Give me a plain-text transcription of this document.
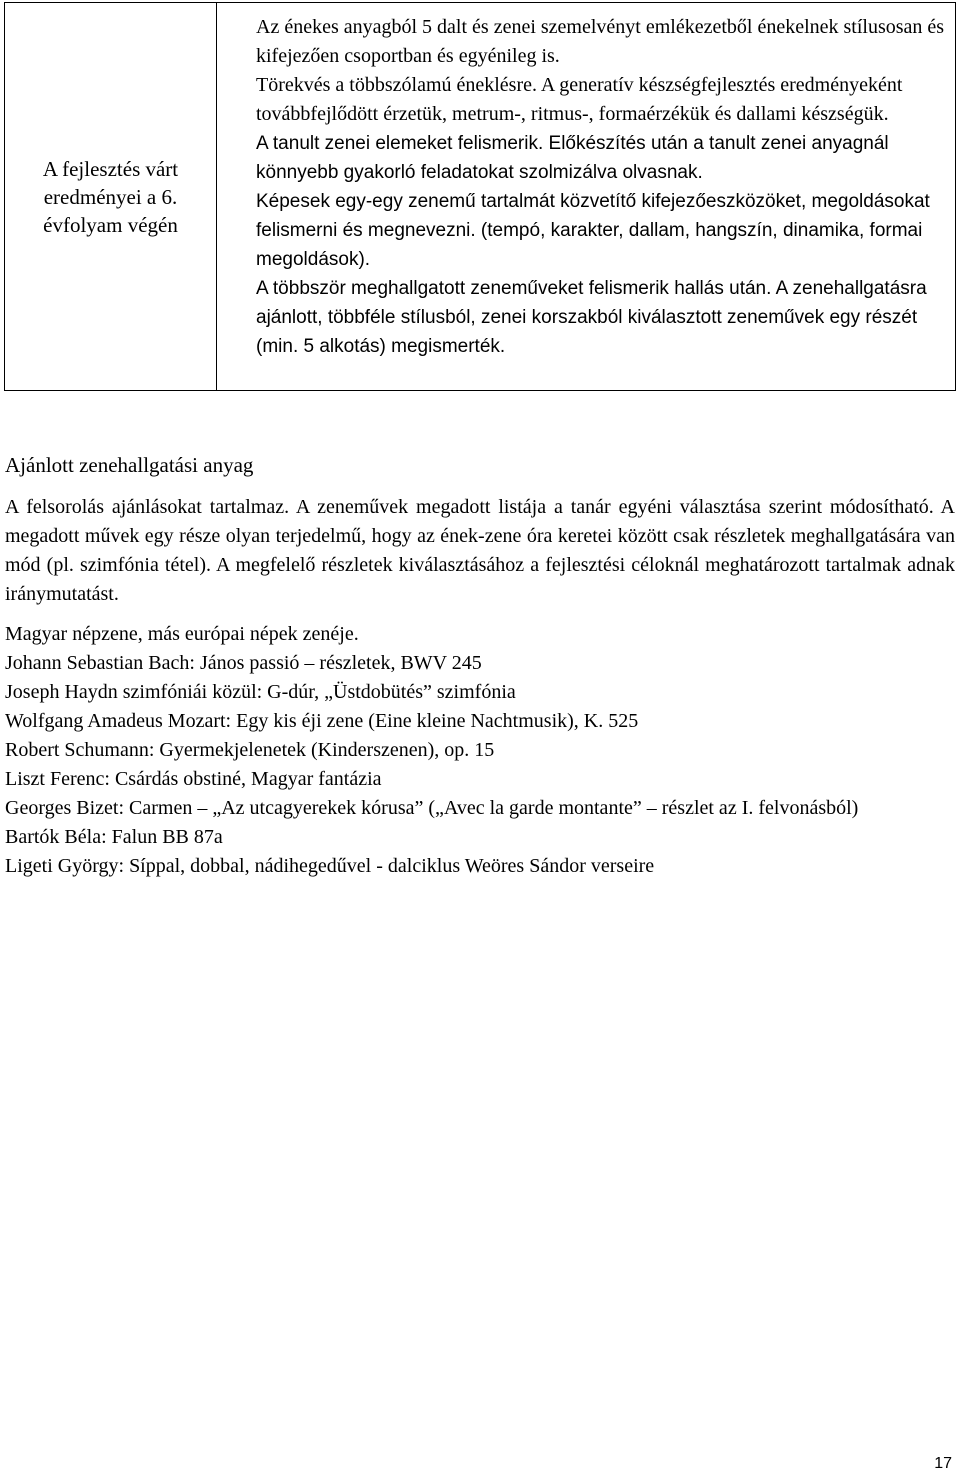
A fejlesztés várt eredményei a 6. évfolyam végén	

Az énekes anyagból 5 dalt és zenei szemelvényt emlékezetből énekelnek stílusosan és kifejezően csoportban és egyénileg is.

Törekvés a többszólamú éneklésre. A generatív készségfejlesztés eredményeként továbbfejlődött érzetük, metrum-, ritmus-, formaérzékük és dallami készségük.

A tanult zenei elemeket felismerik. Előkészítés után a tanult zenei anyagnál könnyebb gyakorló feladatokat szolmizálva olvasnak.

Képesek egy-egy zenemű tartalmát közvetítő kifejezőeszközöket, megoldásokat felismerni és megnevezni. (tempó, karakter, dallam, hangszín, dinamika, formai megoldások).

A többször meghallgatott zeneműveket felismerik hallás után. A zenehallgatásra ajánlott, többféle stílusból, zenei korszakból kiválasztott zeneművek egy részét (min. 5 alkotás) megismerték.

Ajánlott zenehallgatási anyag

A felsorolás ajánlásokat tartalmaz. A zeneművek megadott listája a tanár egyéni választása szerint módosítható. A megadott művek egy része olyan terjedelmű, hogy az ének-zene óra keretei között csak részletek meghallgatására van mód (pl. szimfónia tétel). A megfelelő részletek kiválasztásához a fejlesztési céloknál meghatározott tartalmak adnak iránymutatást.

Magyar népzene, más európai népek zenéje.
Johann Sebastian Bach: János passió – részletek, BWV 245
Joseph Haydn szimfóniái közül: G-dúr, „Üstdobütés” szimfónia
Wolfgang Amadeus Mozart: Egy kis éji zene (Eine kleine Nachtmusik), K. 525
Robert Schumann: Gyermekjelenetek (Kinderszenen), op. 15
Liszt Ferenc: Csárdás obstiné, Magyar fantázia
Georges Bizet: Carmen – „Az utcagyerekek kórusa” („Avec la garde montante” – részlet az I. felvonásból)
Bartók Béla: Falun BB 87a
Ligeti György: Síppal, dobbal, nádihegedűvel - dalciklus Weöres Sándor verseire
17
